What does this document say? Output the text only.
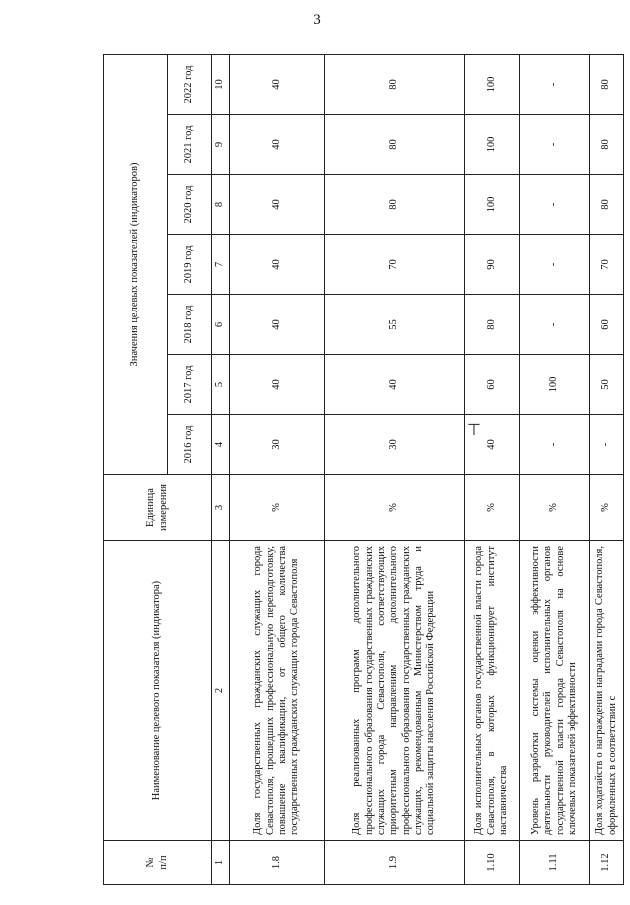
3
№
п/п	Наименование целевого показателя (индикатора)	Единица измерения	Значения целевых показателей (индикаторов)						
			2016 год	2017 год	2018 год	2019 год	2020 год	2021 год	2022 год
1	2	3	4	5	6	7	8	9	10
1.8	Доля государственных гражданских служащих города Севастополя, прошедших профессиональную переподготовку, повышение квалификации, от общего количества государственных гражданских служащих города Севастополя	%	30	40	40	40	40	40	40
1.9	Доля реализованных программ дополнительного профессионального образования государственных гражданских служащих города Севастополя, соответствующих приоритетным направлениям дополнительного профессионального образования государственных гражданских служащих, рекомендованным Министерством труда и социальной защиты населения Российской Федерации	%	30	40	55	70	80	80	80
1.10	Доля исполнительных органов государственной власти города Севастополя, в которых функционирует институт наставничества	%	40	60	80	90	100	100	100
1.11	Уровень разработки системы оценки эффективности деятельности руководителей исполнительных органов государственной власти города Севастополя на основе ключевых показателей эффективности	%	-	100	-	-	-	-	-
1.12	Доля ходатайств о награждении наградами города Севастополя, оформленных в соответствии с	%	-	50	60	70	80	80	80
⊤
